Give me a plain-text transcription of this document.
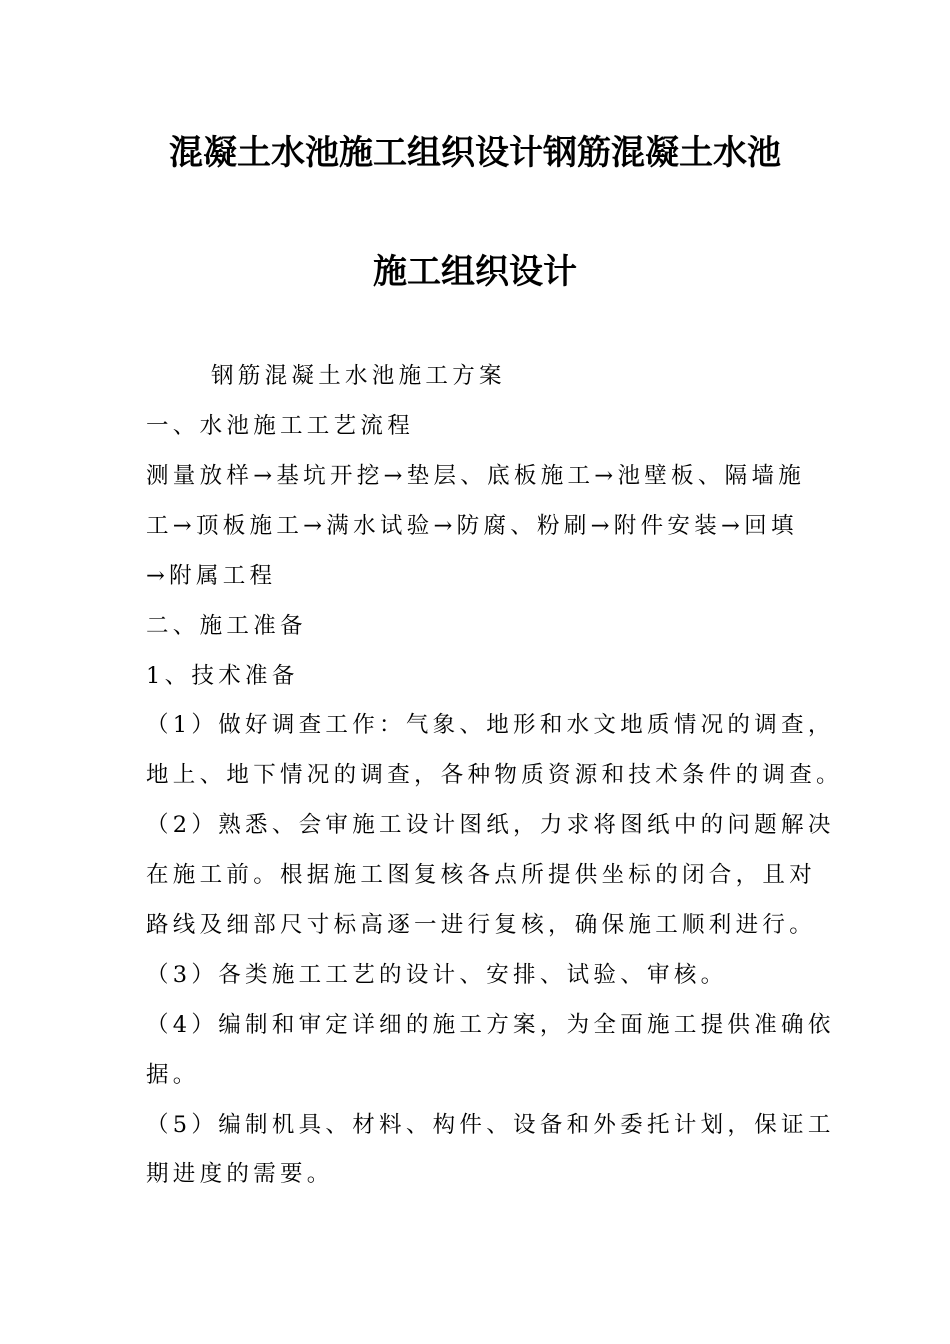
混凝土水池施工组织设计钢筋混凝土水池
施工组织设计
钢筋混凝土水池施工方案
一、水池施工工艺流程
测量放样→基坑开挖→垫层、底板施工→池壁板、隔墙施
工→顶板施工→满水试验→防腐、粉刷→附件安装→回填
→附属工程
二、施工准备
1、技术准备
（1）做好调查工作：气象、地形和水文地质情况的调查，
地上、地下情况的调查，各种物质资源和技术条件的调查。
（2）熟悉、会审施工设计图纸，力求将图纸中的问题解决
在施工前。根据施工图复核各点所提供坐标的闭合，且对
路线及细部尺寸标高逐一进行复核，确保施工顺利进行。
（3）各类施工工艺的设计、安排、试验、审核。
（4）编制和审定详细的施工方案，为全面施工提供准确依
据。
（5）编制机具、材料、构件、设备和外委托计划，保证工
期进度的需要。
